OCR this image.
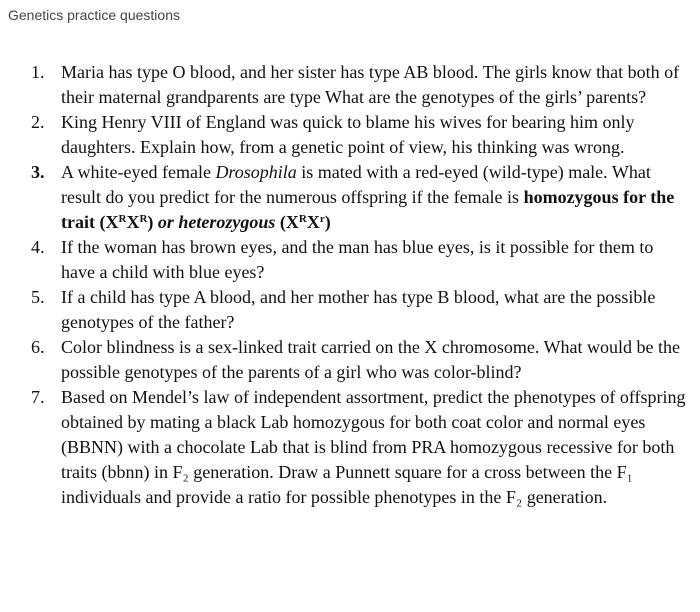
Genetics practice questions
1. Maria has type O blood, and her sister has type AB blood. The girls know that both of their maternal grandparents are type What are the genotypes of the girls’ parents?
2. King Henry VIII of England was quick to blame his wives for bearing him only daughters. Explain how, from a genetic point of view, his thinking was wrong.
3. A white-eyed female Drosophila is mated with a red-eyed (wild-type) male. What result do you predict for the numerous offspring if the female is homozygous for the trait $(X^RX^R)$ or heterozygous $(X^RX^r)$
4. If the woman has brown eyes, and the man has blue eyes, is it possible for them to have a child with blue eyes?
5. If a child has type A blood, and her mother has type B blood, what are the possible genotypes of the father?
6. Color blindness is a sex-linked trait carried on the X chromosome. What would be the possible genotypes of the parents of a girl who was color-blind?
7. Based on Mendel’s law of independent assortment, predict the phenotypes of offspring obtained by mating a black Lab homozygous for both coat color and normal eyes (BBNN) with a chocolate Lab that is blind from PRA homozygous recessive for both traits (bbnn) in F₂ generation. Draw a Punnett square for a cross between the F₁ individuals and provide a ratio for possible phenotypes in the F₂ generation.
